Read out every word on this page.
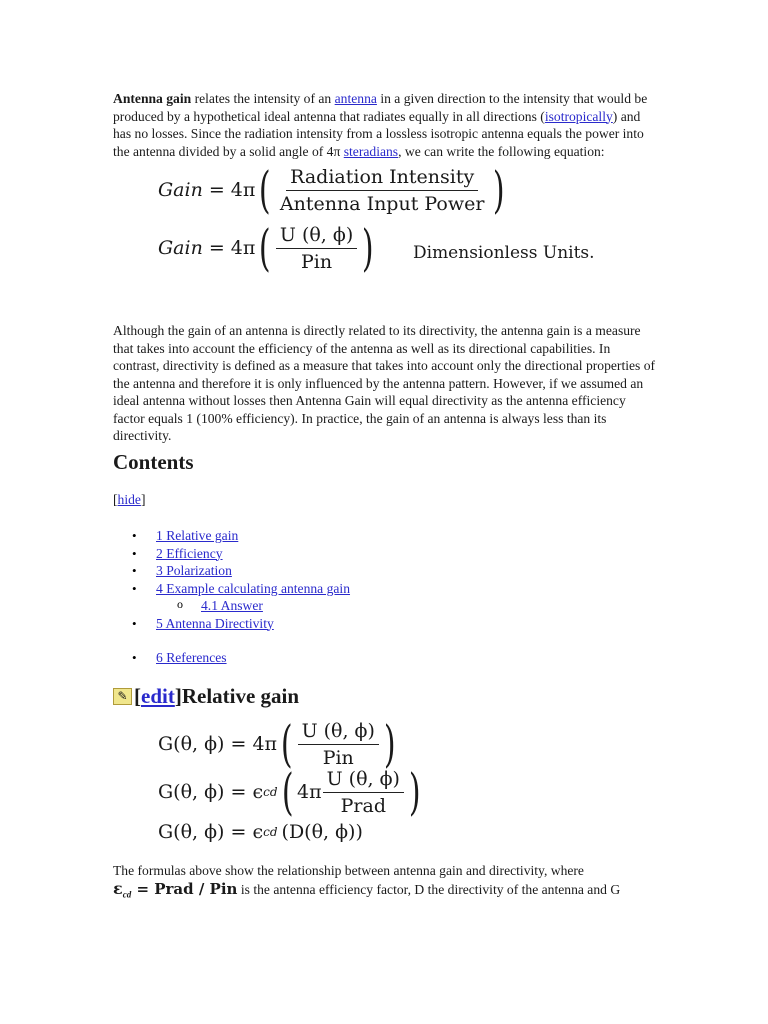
Antenna gain relates the intensity of an antenna in a given direction to the intensity that would be produced by a hypothetical ideal antenna that radiates equally in all directions (isotropically) and has no losses. Since the radiation intensity from a lossless isotropic antenna equals the power into the antenna divided by a solid angle of 4π steradians, we can write the following equation:

Gain = 4π ( $\frac{\text{Radiation Intensity}}{\text{Antenna Input Power}}$ )
Gain = 4π ( $\frac{U (\theta, \phi)}{\text{Pin}}$ ) Dimensionless Units.

Although the gain of an antenna is directly related to its directivity, the antenna gain is a measure that takes into account the efficiency of the antenna as well as its directional capabilities. In contrast, directivity is defined as a measure that takes into account only the directional properties of the antenna and therefore it is only influenced by the antenna pattern. However, if we assumed an ideal antenna without losses then Antenna Gain will equal directivity as the antenna efficiency factor equals 1 (100% efficiency). In practice, the gain of an antenna is always less than its directivity.

Contents
[hide]
• 1 Relative gain
• 2 Efficiency
• 3 Polarization
• 4 Example calculating antenna gain
o 4.1 Answer
• 5 Antenna Directivity
• 6 References
✎ [ edit ] Relative gain
G(θ, ϕ) = 4π ( $\frac{U (\theta, \phi)}{\text{Pin}}$ )
G(θ, ϕ) = ϵ cd ( $4\pi \frac{U (\theta, \phi)}{\text{Prad}}$ )
G(θ, ϕ) = ϵ cd (D(θ, ϕ))

The formulas above show the relationship between antenna gain and directivity, where

$\varepsilon_{cd}$ = Prad / Pin is the antenna efficiency factor, D the directivity of the antenna and G
